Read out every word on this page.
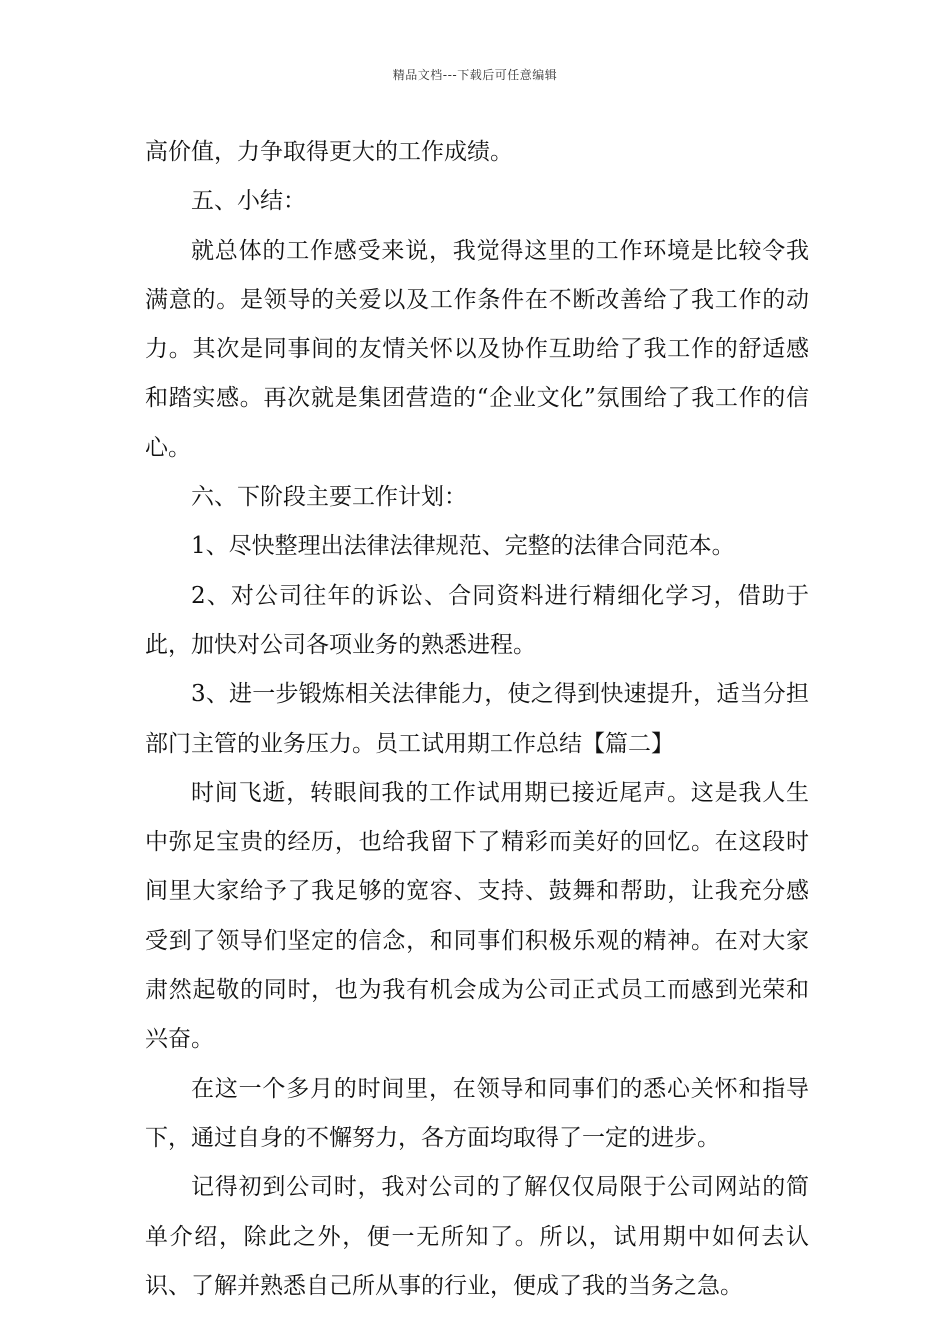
精品文档---下载后可任意编辑

高价值，力争取得更大的工作成绩。

五、小结：

就总体的工作感受来说，我觉得这里的工作环境是比较令我满意的。是领导的关爱以及工作条件在不断改善给了我工作的动力。其次是同事间的友情关怀以及协作互助给了我工作的舒适感和踏实感。再次就是集团营造的“企业文化”氛围给了我工作的信心。

六、下阶段主要工作计划：

1、尽快整理出法律法律规范、完整的法律合同范本。

2、对公司往年的诉讼、合同资料进行精细化学习，借助于此，加快对公司各项业务的熟悉进程。

3、进一步锻炼相关法律能力，使之得到快速提升，适当分担部门主管的业务压力。员工试用期工作总结【篇二】

时间飞逝，转眼间我的工作试用期已接近尾声。这是我人生中弥足宝贵的经历，也给我留下了精彩而美好的回忆。在这段时间里大家给予了我足够的宽容、支持、鼓舞和帮助，让我充分感受到了领导们坚定的信念，和同事们积极乐观的精神。在对大家肃然起敬的同时，也为我有机会成为公司正式员工而感到光荣和兴奋。

在这一个多月的时间里，在领导和同事们的悉心关怀和指导下，通过自身的不懈努力，各方面均取得了一定的进步。

记得初到公司时，我对公司的了解仅仅局限于公司网站的简单介绍，除此之外，便一无所知了。所以，试用期中如何去认识、了解并熟悉自己所从事的行业，便成了我的当务之急。
